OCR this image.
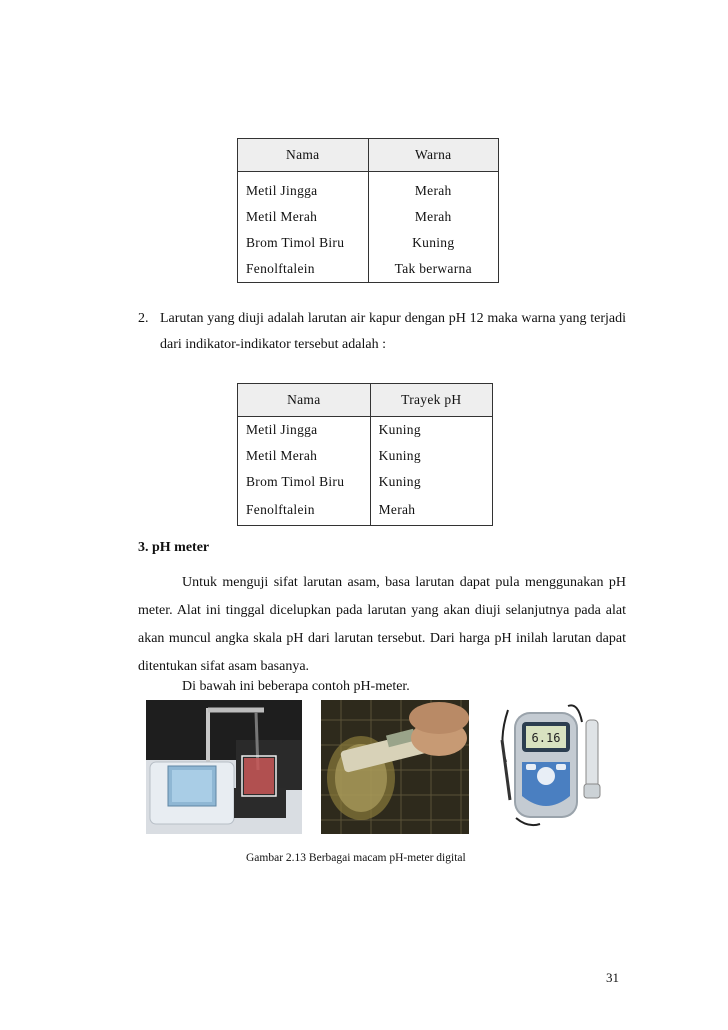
Nama	Warna

Metil Jingga	Merah
Metil Merah	Merah
Brom Timol Biru	Kuning
Fenolftalein	Tak berwarna
2. Larutan yang diuji adalah larutan air kapur dengan pH 12 maka warna yang terjadi dari indikator-indikator tersebut adalah :
Nama	Trayek pH
Metil Jingga	Kuning
Metil Merah	Kuning
Brom Timol Biru	Kuning
Fenolftalein	Merah
3. pH meter
Untuk menguji sifat larutan asam, basa larutan dapat pula menggunakan pH meter. Alat ini tinggal dicelupkan pada larutan yang akan diuji selanjutnya pada alat akan muncul angka skala pH dari larutan tersebut. Dari harga pH inilah larutan dapat ditentukan sifat asam basanya.
Di bawah ini beberapa contoh pH-meter.
6.16
Gambar 2.13 Berbagai macam pH-meter digital
31
